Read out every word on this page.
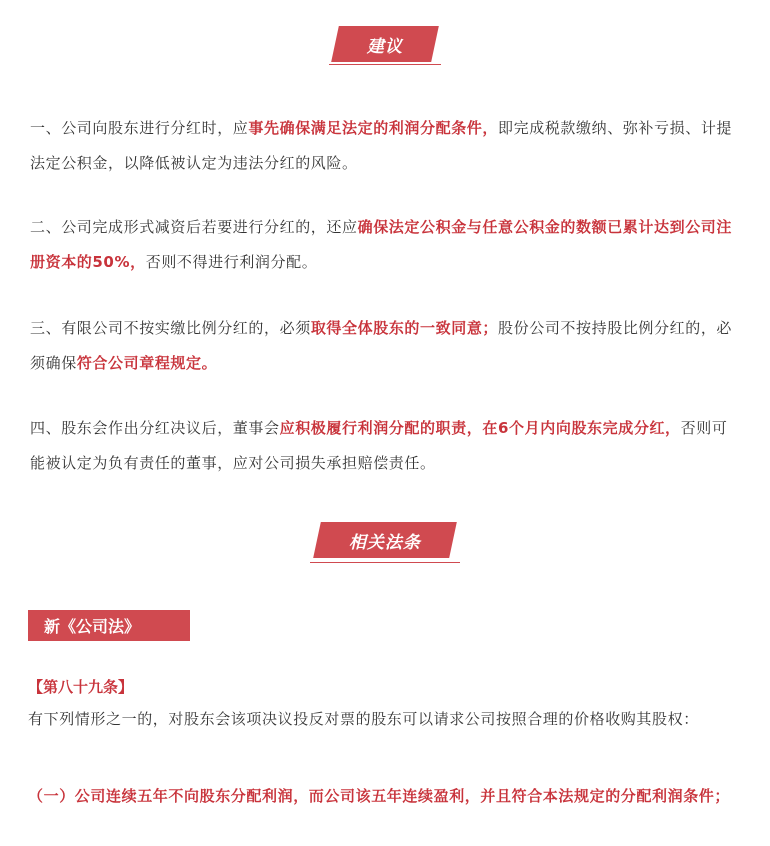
建议

一、公司向股东进行分红时，应事先确保满足法定的利润分配条件，即完成税款缴纳、弥补亏损、计提法定公积金，以降低被认定为违法分红的风险。

二、公司完成形式减资后若要进行分红的，还应确保法定公积金与任意公积金的数额已累计达到公司注册资本的50%，否则不得进行利润分配。

三、有限公司不按实缴比例分红的，必须取得全体股东的一致同意；股份公司不按持股比例分红的，必须确保符合公司章程规定。

四、股东会作出分红决议后，董事会应积极履行利润分配的职责，在6个月内向股东完成分红，否则可能被认定为负有责任的董事，应对公司损失承担赔偿责任。

相关法条
新《公司法》
【第八十九条】

有下列情形之一的，对股东会该项决议投反对票的股东可以请求公司按照合理的价格收购其股权：

（一）公司连续五年不向股东分配利润，而公司该五年连续盈利，并且符合本法规定的分配利润条件；
